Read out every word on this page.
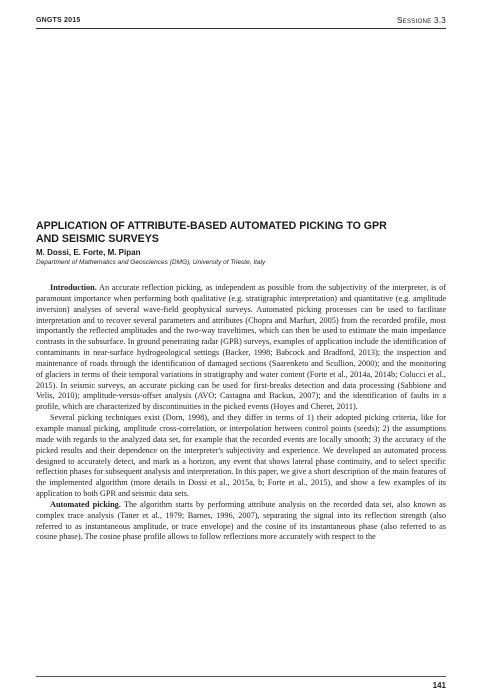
GNGTS 2015	Sessione 3.3
APPLICATION OF ATTRIBUTE-BASED AUTOMATED PICKING TO GPR
AND SEISMIC SURVEYS
M. Dossi, E. Forte, M. Pipan
Department of Mathematics and Geosciences (DMG), University of Trieste, Italy

Introduction. An accurate reflection picking, as independent as possible from the subjectivity of the interpreter, is of paramount importance when performing both qualitative (e.g. stratigraphic interpretation) and quantitative (e.g. amplitude inversion) analyses of several wave-field geophysical surveys. Automated picking processes can be used to facilitate interpretation and to recover several parameters and attributes (Chopra and Marfurt, 2005) from the recorded profile, most importantly the reflected amplitudes and the two-way traveltimes, which can then be used to estimate the main impedance contrasts in the subsurface. In ground penetrating radar (GPR) surveys, examples of application include the identification of contaminants in near-surface hydrogeological settings (Backer, 1998; Babcock and Bradford, 2013); the inspection and maintenance of roads through the identification of damaged sections (Saarenketo and Scullion, 2000); and the monitoring of glaciers in terms of their temporal variations in stratigraphy and water content (Forte et al., 2014a, 2014b; Colucci et al., 2015). In seismic surveys, an accurate picking can be used for first-breaks detection and data processing (Sabbione and Velis, 2010); amplitude-versus-offset analysis (AVO; Castagna and Backus, 2007); and the identification of faults in a profile, which are characterized by discontinuities in the picked events (Hoyes and Cheret, 2011).

Several picking techniques exist (Dorn, 1998), and they differ in terms of 1) their adopted picking criteria, like for example manual picking, amplitude cross-correlation, or interpolation between control points (seeds); 2) the assumptions made with regards to the analyzed data set, for example that the recorded events are locally smooth; 3) the accuracy of the picked results and their dependence on the interpreter's subjectivity and experience. We developed an automated process designed to accurately detect, and mark as a horizon, any event that shows lateral phase continuity, and to select specific reflection phases for subsequent analysis and interpretation. In this paper, we give a short description of the main features of the implemented algorithm (more details in Dossi et al., 2015a, b; Forte et al., 2015), and show a few examples of its application to both GPR and seismic data sets.

Automated picking. The algorithm starts by performing attribute analysis on the recorded data set, also known as complex trace analysis (Taner et al., 1979; Barnes, 1996, 2007), separating the signal into its reflection strength (also referred to as instantaneous amplitude, or trace envelope) and the cosine of its instantaneous phase (also referred to as cosine phase). The cosine phase profile allows to follow reflections more accurately with respect to the

141
